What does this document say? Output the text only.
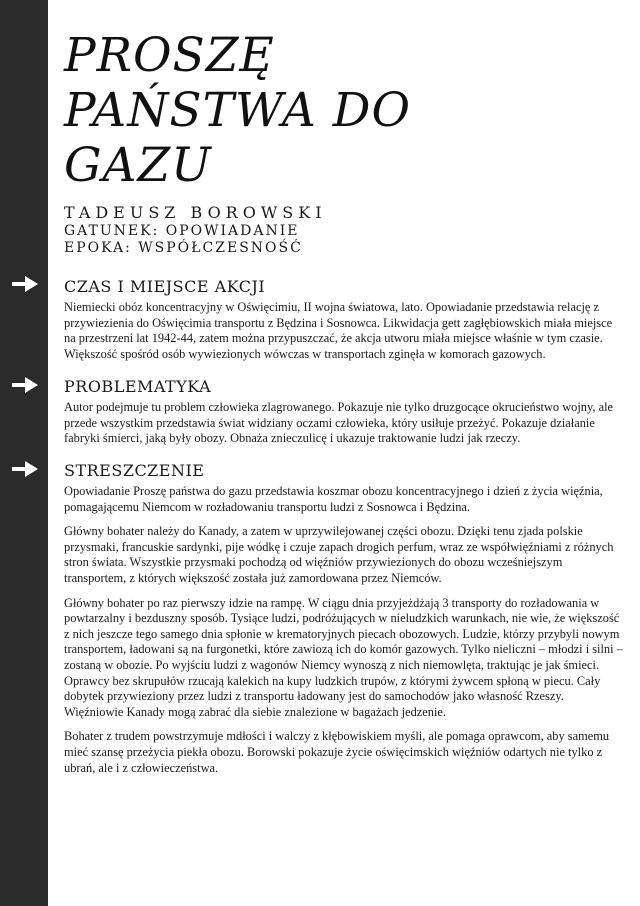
PROSZĘ
PAŃSTWA DO
GAZU
TADEUSZ BOROWSKI
GATUNEK: OPOWIADANIE
EPOKA: WSPÓŁCZESNOŚĆ
CZAS I MIEJSCE AKCJI

Niemiecki obóz koncentracyjny w Oświęcimiu, II wojna światowa, lato. Opowiadanie przedstawia relację z przywiezienia do Oświęcimia transportu z Będzina i Sosnowca. Likwidacja gett zagłębiowskich miała miejsce na przestrzeni lat 1942-44, zatem można przypuszczać, że akcja utworu miała miejsce właśnie w tym czasie. Większość spośród osób wywiezionych wówczas w transportach zginęła w komorach gazowych.

PROBLEMATYKA

Autor podejmuje tu problem człowieka zlagrowanego. Pokazuje nie tylko druzgocące okrucieństwo wojny, ale przede wszystkim przedstawia świat widziany oczami człowieka, który usiłuje przeżyć. Pokazuje działanie fabryki śmierci, jaką były obozy. Obnaża znieczulicę i ukazuje traktowanie ludzi jak rzeczy.

STRESZCZENIE

Opowiadanie Proszę państwa do gazu przedstawia koszmar obozu koncentracyjnego i dzień z życia więźnia, pomagającemu Niemcom w rozładowaniu transportu ludzi z Sosnowca i Będzina.

Główny bohater należy do Kanady, a zatem w uprzywilejowanej części obozu. Dzięki tenu zjada polskie przysmaki, francuskie sardynki, pije wódkę i czuje zapach drogich perfum, wraz ze współwięźniami z różnych stron świata. Wszystkie przysmaki pochodzą od więźniów przywiezionych do obozu wcześniejszym transportem, z których większość została już zamordowana przez Niemców.

Główny bohater po raz pierwszy idzie na rampę. W ciągu dnia przyjeżdżają 3 transporty do rozładowania w powtarzalny i bezduszny sposób. Tysiące ludzi, podróżujących w nieludzkich warunkach, nie wie, że większość z nich jeszcze tego samego dnia spłonie w krematoryjnych piecach obozowych. Ludzie, którzy przybyli nowym transportem, ładowani są na furgonetki, które zawiozą ich do komór gazowych. Tylko nieliczni – młodzi i silni – zostaną w obozie. Po wyjściu ludzi z wagonów Niemcy wynoszą z nich niemowlęta, traktując je jak śmieci. Oprawcy bez skrupułów rzucają kalekich na kupy ludzkich trupów, z którymi żywcem spłoną w piecu. Cały dobytek przywieziony przez ludzi z transportu ładowany jest do samochodów jako własność Rzeszy. Więźniowie Kanady mogą zabrać dla siebie znalezione w bagażach jedzenie.

Bohater z trudem powstrzymuje mdłości i walczy z kłębowiskiem myśli, ale pomaga oprawcom, aby samemu mieć szansę przeżycia piekła obozu. Borowski pokazuje życie oświęcimskich więźniów odartych nie tylko z ubrań, ale i z człowieczeństwa.
